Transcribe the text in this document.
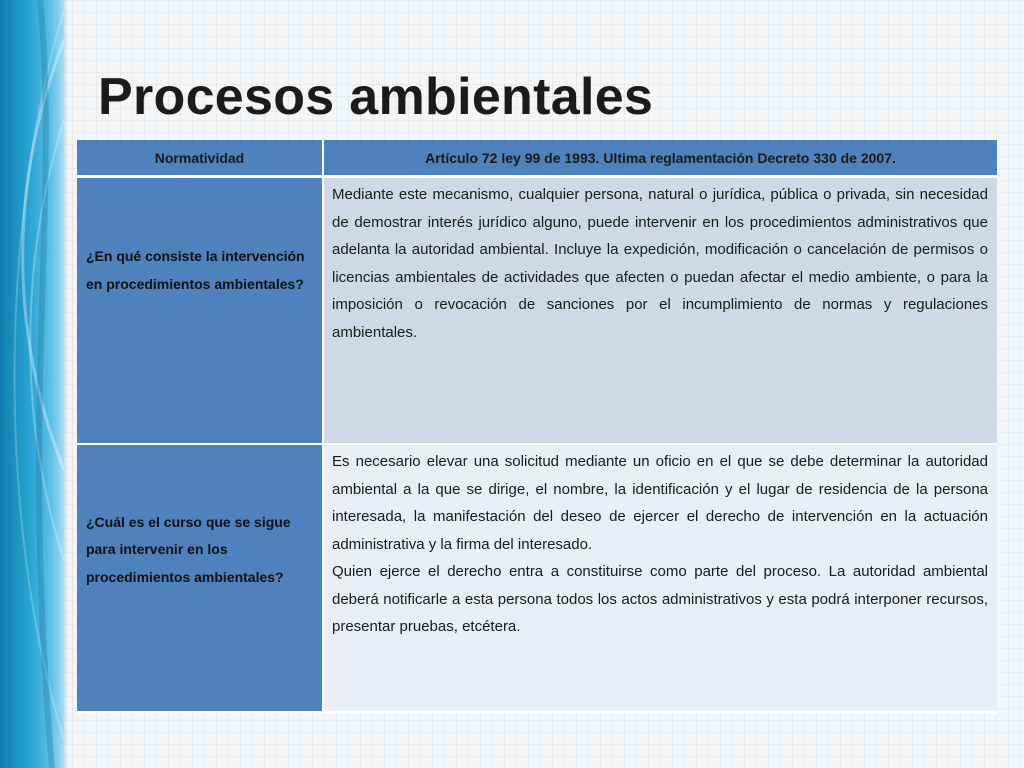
Procesos ambientales
Normatividad	Artículo 72 ley 99 de 1993. Ultima reglamentación Decreto 330 de 2007.

¿En qué consiste la intervención en procedimientos ambientales?	Mediante este mecanismo, cualquier persona, natural o jurídica, pública o privada, sin necesidad de demostrar interés jurídico alguno, puede intervenir en los procedimientos administrativos que adelanta la autoridad ambiental. Incluye la expedición, modificación o cancelación de permisos o licencias ambientales de actividades que afecten o puedan afectar el medio ambiente, o para la imposición o revocación de sanciones por el incumplimiento de normas y regulaciones ambientales.

¿Cuál es el curso que se sigue para intervenir en los procedimientos ambientales?	Es necesario elevar una solicitud mediante un oficio en el que se debe determinar la autoridad ambiental a la que se dirige, el nombre, la identificación y el lugar de residencia de la persona interesada, la manifestación del deseo de ejercer el derecho de intervención en la actuación administrativa y la firma del interesado.
Quien ejerce el derecho entra a constituirse como parte del proceso. La autoridad ambiental deberá notificarle a esta persona todos los actos administrativos y esta podrá interponer recursos, presentar pruebas, etcétera.
